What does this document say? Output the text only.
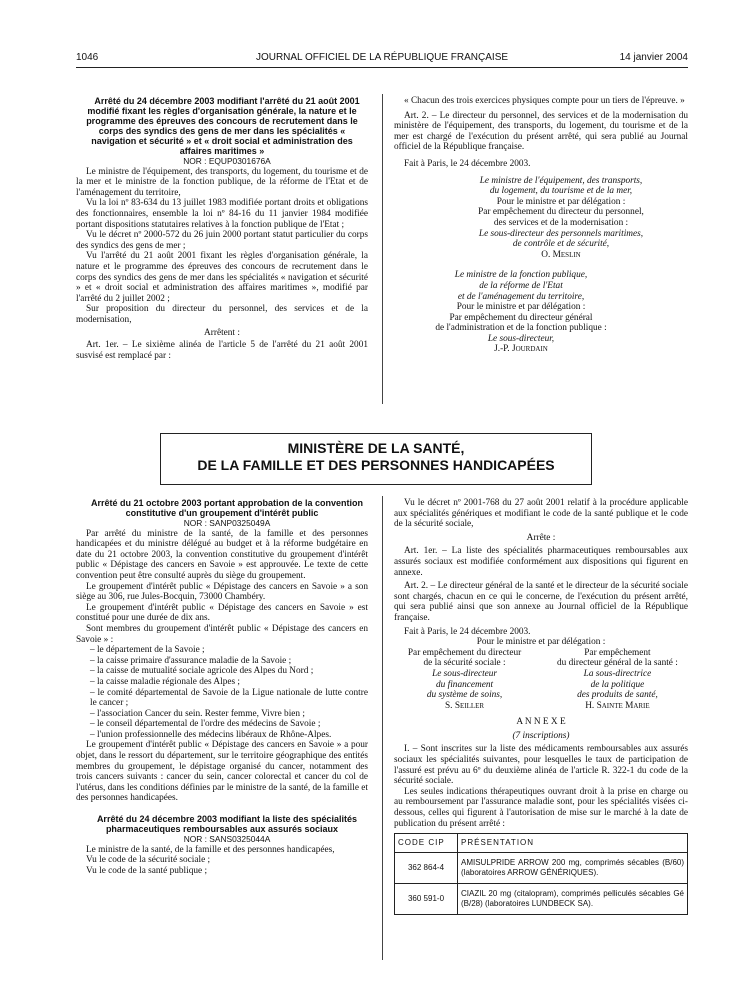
1046	JOURNAL OFFICIEL DE LA RÉPUBLIQUE FRANÇAISE	14 janvier 2004

Arrêté du 24 décembre 2003 modifiant l'arrêté du 21 août 2001 modifié fixant les règles d'organisation générale, la nature et le programme des épreuves des concours de recrutement dans le corps des syndics des gens de mer dans les spécialités « navigation et sécurité » et « droit social et administration des affaires maritimes »

NOR : EQUP0301676A

Le ministre de l'équipement, des transports, du logement, du tourisme et de la mer et le ministre de la fonction publique, de la réforme de l'Etat et de l'aménagement du territoire,

Vu la loi nº 83-634 du 13 juillet 1983 modifiée portant droits et obligations des fonctionnaires, ensemble la loi nº 84-16 du 11 janvier 1984 modifiée portant dispositions statutaires relatives à la fonction publique de l'Etat ;

Vu le décret nº 2000-572 du 26 juin 2000 portant statut particulier du corps des syndics des gens de mer ;

Vu l'arrêté du 21 août 2001 fixant les règles d'organisation générale, la nature et le programme des épreuves des concours de recrutement dans le corps des syndics des gens de mer dans les spécialités « navigation et sécurité » et « droit social et administration des affaires maritimes », modifié par l'arrêté du 2 juillet 2002 ;

Sur proposition du directeur du personnel, des services et de la modernisation,

Arrêtent :

Art. 1er. – Le sixième alinéa de l'article 5 de l'arrêté du 21 août 2001 susvisé est remplacé par :

« Chacun des trois exercices physiques compte pour un tiers de l'épreuve. »

Art. 2. – Le directeur du personnel, des services et de la modernisation du ministère de l'équipement, des transports, du logement, du tourisme et de la mer est chargé de l'exécution du présent arrêté, qui sera publié au Journal officiel de la République française.

Fait à Paris, le 24 décembre 2003.

Le ministre de l'équipement, des transports,
du logement, du tourisme et de la mer,
Pour le ministre et par délégation :
Par empêchement du directeur du personnel,
des services et de la modernisation :
Le sous-directeur des personnels maritimes,
de contrôle et de sécurité,
O. Meslin
Le ministre de la fonction publique,
de la réforme de l'Etat
et de l'aménagement du territoire,
Pour le ministre et par délégation :
Par empêchement du directeur général
de l'administration et de la fonction publique :
Le sous-directeur,
J.-P. Jourdain
MINISTÈRE DE LA SANTÉ,
DE LA FAMILLE ET DES PERSONNES HANDICAPÉES

Arrêté du 21 octobre 2003 portant approbation de la convention constitutive d'un groupement d'intérêt public

NOR : SANP0325049A

Par arrêté du ministre de la santé, de la famille et des personnes handicapées et du ministre délégué au budget et à la réforme budgétaire en date du 21 octobre 2003, la convention constitutive du groupement d'intérêt public « Dépistage des cancers en Savoie » est approuvée. Le texte de cette convention peut être consulté auprès du siège du groupement.

Le groupement d'intérêt public « Dépistage des cancers en Savoie » a son siège au 306, rue Jules-Bocquin, 73000 Chambéry.

Le groupement d'intérêt public « Dépistage des cancers en Savoie » est constitué pour une durée de dix ans.

Sont membres du groupement d'intérêt public « Dépistage des cancers en Savoie » :

– le département de la Savoie ;

– la caisse primaire d'assurance maladie de la Savoie ;

– la caisse de mutualité sociale agricole des Alpes du Nord ;

– la caisse maladie régionale des Alpes ;

– le comité départemental de Savoie de la Ligue nationale de lutte contre le cancer ;

– l'association Cancer du sein. Rester femme, Vivre bien ;

– le conseil départemental de l'ordre des médecins de Savoie ;

– l'union professionnelle des médecins libéraux de Rhône-Alpes.

Le groupement d'intérêt public « Dépistage des cancers en Savoie » a pour objet, dans le ressort du département, sur le territoire géographique des entités membres du groupement, le dépistage organisé du cancer, notamment des trois cancers suivants : cancer du sein, cancer colorectal et cancer du col de l'utérus, dans les conditions définies par le ministre de la santé, de la famille et des personnes handicapées.

Arrêté du 24 décembre 2003 modifiant la liste des spécialités pharmaceutiques remboursables aux assurés sociaux

NOR : SANS0325044A

Le ministre de la santé, de la famille et des personnes handicapées,

Vu le code de la sécurité sociale ;

Vu le code de la santé publique ;

Vu le décret nº 2001-768 du 27 août 2001 relatif à la procédure applicable aux spécialités génériques et modifiant le code de la santé publique et le code de la sécurité sociale,

Arrête :

Art. 1er. – La liste des spécialités pharmaceutiques remboursables aux assurés sociaux est modifiée conformément aux dispositions qui figurent en annexe.

Art. 2. – Le directeur général de la santé et le directeur de la sécurité sociale sont chargés, chacun en ce qui le concerne, de l'exécution du présent arrêté, qui sera publié ainsi que son annexe au Journal officiel de la République française.

Fait à Paris, le 24 décembre 2003.

Pour le ministre et par délégation :

Par empêchement du directeur
de la sécurité sociale :
Le sous-directeur
du financement
du système de soins,
S. Seiller
Par empêchement
du directeur général de la santé :
La sous-directrice
de la politique
des produits de santé,
H. Sainte Marie

A N N E X E

(7 inscriptions)

I. – Sont inscrites sur la liste des médicaments remboursables aux assurés sociaux les spécialités suivantes, pour lesquelles le taux de participation de l'assuré est prévu au 6º du deuxième alinéa de l'article R. 322-1 du code de la sécurité sociale.

Les seules indications thérapeutiques ouvrant droit à la prise en charge ou au remboursement par l'assurance maladie sont, pour les spécialités visées ci-dessous, celles qui figurent à l'autorisation de mise sur le marché à la date de publication du présent arrêté :

CODE CIP	PRÉSENTATION
362 864-4	AMISULPRIDE ARROW 200 mg, comprimés sécables (B/60) (laboratoires ARROW GÉNÉRIQUES).
360 591-0	CIAZIL 20 mg (citalopram), comprimés pelliculés sécables Gé (B/28) (laboratoires LUNDBECK SA).
